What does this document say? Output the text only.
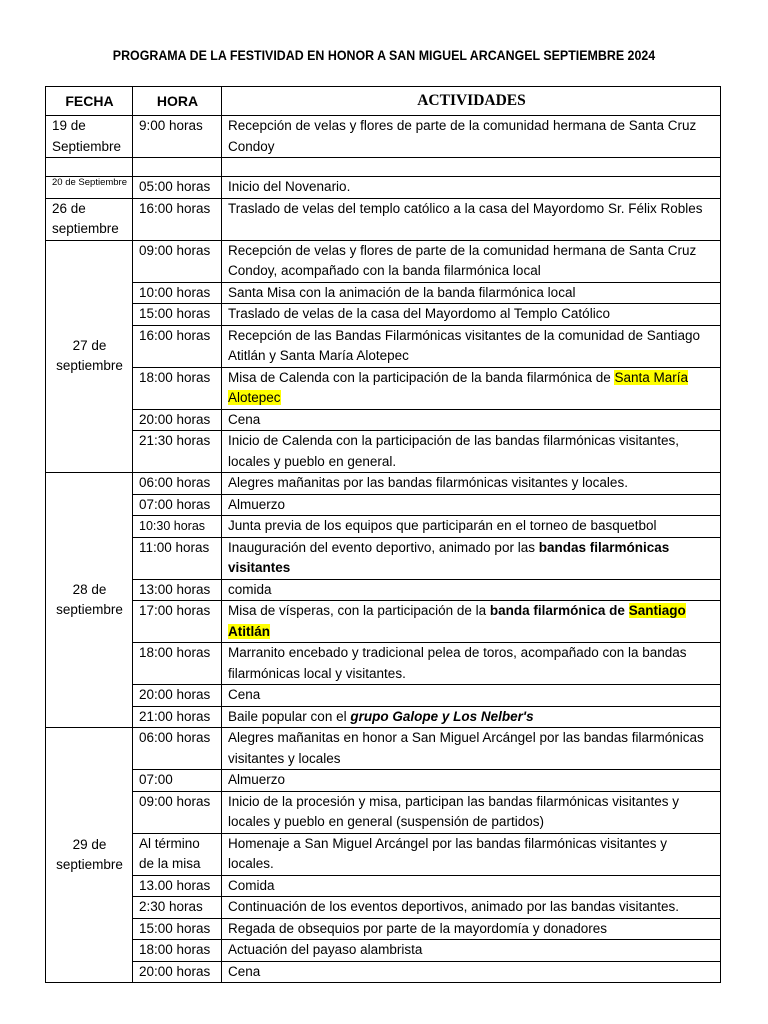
PROGRAMA DE LA FESTIVIDAD EN HONOR A SAN MIGUEL ARCANGEL SEPTIEMBRE 2024
FECHA	HORA	ACTIVIDADES
19 de Septiembre	9:00 horas	Recepción de velas y flores de parte de la comunidad hermana de Santa Cruz Condoy

20 de Septiembre	05:00 horas	Inicio del Novenario.
26 de septiembre	16:00 horas	Traslado de velas del templo católico a la casa del Mayordomo Sr. Félix Robles
27 de septiembre	09:00 horas	Recepción de velas y flores de parte de la comunidad hermana de Santa Cruz Condoy, acompañado con la banda filarmónica local
	10:00 horas	Santa Misa con la animación de la banda filarmónica local
	15:00 horas	Traslado de velas de la casa del Mayordomo al Templo Católico
	16:00 horas	Recepción de las Bandas Filarmónicas visitantes de la comunidad de Santiago Atitlán y Santa María Alotepec
	18:00 horas	Misa de Calenda con la participación de la banda filarmónica de Santa María Alotepec
	20:00 horas	Cena
	21:30 horas	Inicio de Calenda con la participación de las bandas filarmónicas visitantes, locales y pueblo en general.
28 de septiembre	06:00 horas	Alegres mañanitas por las bandas filarmónicas visitantes y locales.
	07:00 horas	Almuerzo
	10:30 horas	Junta previa de los equipos que participarán en el torneo de basquetbol
	11:00 horas	Inauguración del evento deportivo, animado por las bandas filarmónicas visitantes
	13:00 horas	comida
	17:00 horas	Misa de vísperas, con la participación de la banda filarmónica de Santiago Atitlán
	18:00 horas	Marranito encebado y tradicional pelea de toros, acompañado con la bandas filarmónicas local y visitantes.
	20:00 horas	Cena
	21:00 horas	Baile popular con el grupo Galope y Los Nelber's
29 de septiembre	06:00 horas	Alegres mañanitas en honor a San Miguel Arcángel por las bandas filarmónicas visitantes y locales
	07:00	Almuerzo
	09:00 horas	Inicio de la procesión y misa, participan las bandas filarmónicas visitantes y locales y pueblo en general (suspensión de partidos)
	Al término de la misa	Homenaje a San Miguel Arcángel por las bandas filarmónicas visitantes y locales.
	13.00 horas	Comida
	2:30 horas	Continuación de los eventos deportivos, animado por las bandas visitantes.
	15:00 horas	Regada de obsequios por parte de la mayordomía y donadores
	18:00 horas	Actuación del payaso alambrista
	20:00 horas	Cena
